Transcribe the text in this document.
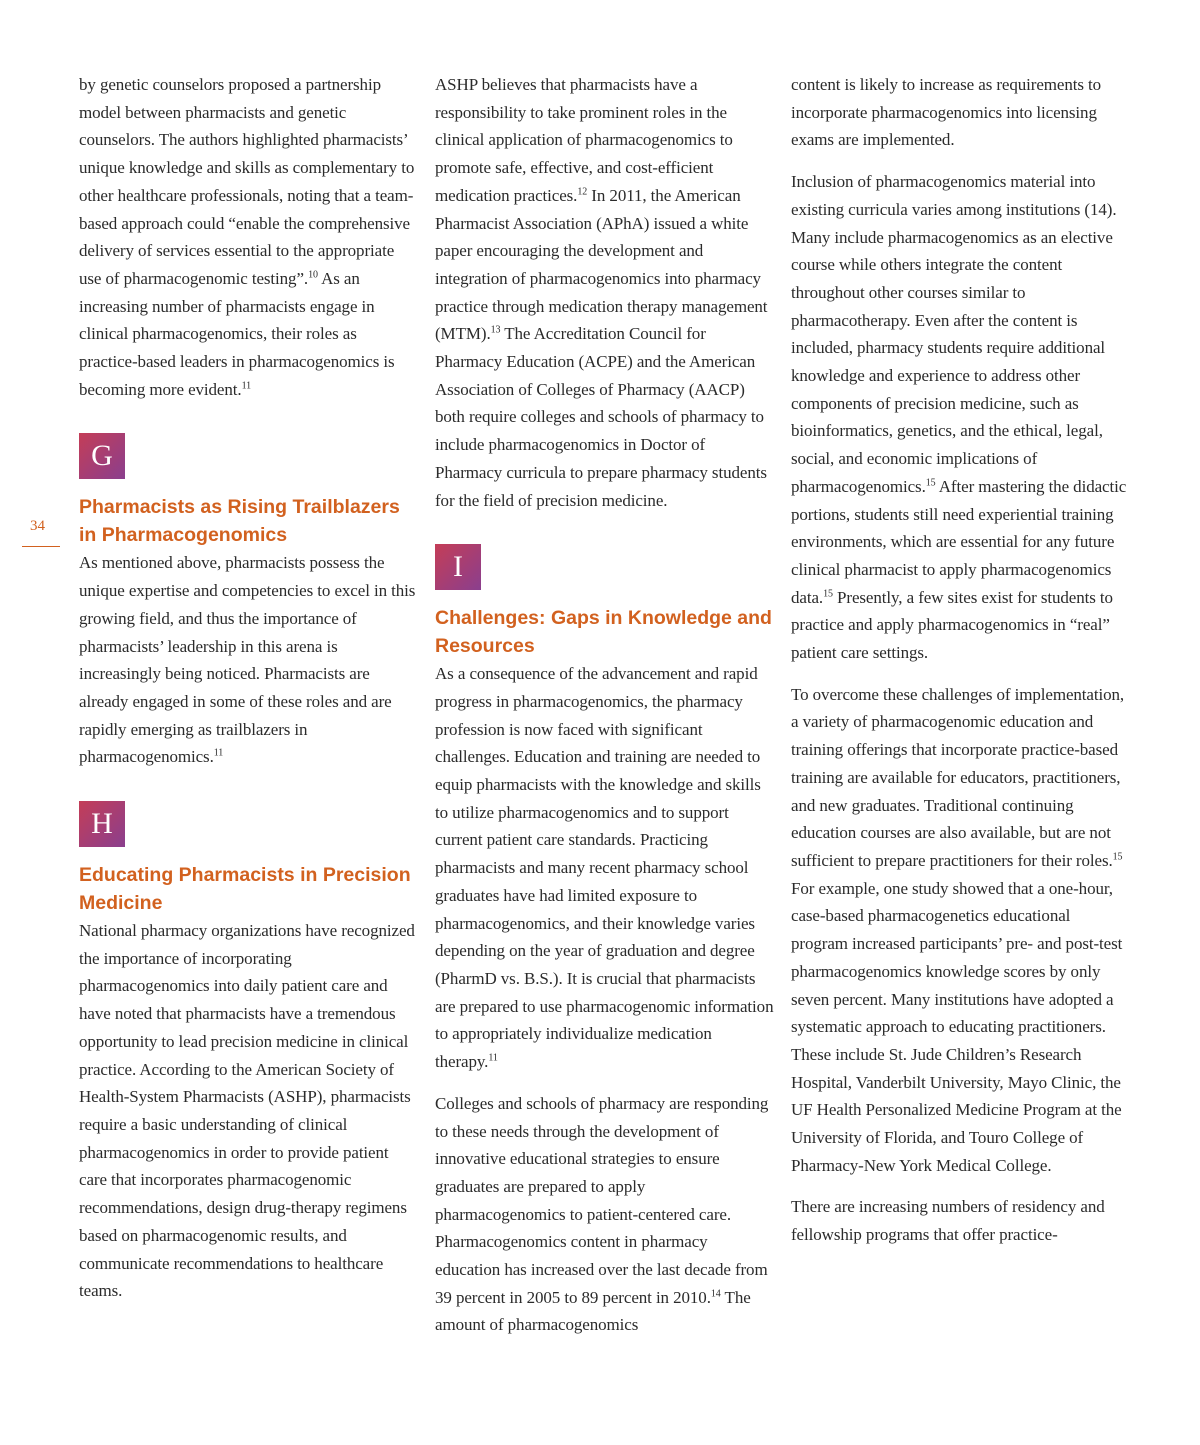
34

by genetic counselors proposed a partnership model between pharmacists and genetic counselors. The authors highlighted pharmacists’ unique knowledge and skills as complementary to other healthcare professionals, noting that a team-based approach could “enable the comprehensive delivery of services essential to the appropriate use of pharmacogenomic testing”.$^{10}$ As an increasing number of pharmacists engage in clinical pharmacogenomics, their roles as practice-based leaders in pharmacogenomics is becoming more evident.$^{11}$

G
Pharmacists as Rising Trailblazers in Pharmacogenomics

As mentioned above, pharmacists possess the unique expertise and competencies to excel in this growing field, and thus the importance of pharmacists’ leadership in this arena is increasingly being noticed. Pharmacists are already engaged in some of these roles and are rapidly emerging as trailblazers in pharmacogenomics.$^{11}$

H
Educating Pharmacists in Precision Medicine

National pharmacy organizations have recognized the importance of incorporating pharmacogenomics into daily patient care and have noted that pharmacists have a tremendous opportunity to lead precision medicine in clinical practice. According to the American Society of Health-System Pharmacists (ASHP), pharmacists require a basic understanding of clinical pharmacogenomics in order to provide patient care that incorporates pharmacogenomic recommendations, design drug-therapy regimens based on pharmacogenomic results, and communicate recommendations to healthcare teams.

ASHP believes that pharmacists have a responsibility to take prominent roles in the clinical application of pharmacogenomics to promote safe, effective, and cost-efficient medication practices.$^{12}$ In 2011, the American Pharmacist Association (APhA) issued a white paper encouraging the development and integration of pharmacogenomics into pharmacy practice through medication therapy management (MTM).$^{13}$ The Accreditation Council for Pharmacy Education (ACPE) and the American Association of Colleges of Pharmacy (AACP) both require colleges and schools of pharmacy to include pharmacogenomics in Doctor of Pharmacy curricula to prepare pharmacy students for the field of precision medicine.

I
Challenges: Gaps in Knowledge and Resources

As a consequence of the advancement and rapid progress in pharmacogenomics, the pharmacy profession is now faced with significant challenges. Education and training are needed to equip pharmacists with the knowledge and skills to utilize pharmacogenomics and to support current patient care standards. Practicing pharmacists and many recent pharmacy school graduates have had limited exposure to pharmacogenomics, and their knowledge varies depending on the year of graduation and degree (PharmD vs. B.S.). It is crucial that pharmacists are prepared to use pharmacogenomic information to appropriately individualize medication therapy.$^{11}$

Colleges and schools of pharmacy are responding to these needs through the development of innovative educational strategies to ensure graduates are prepared to apply pharmacogenomics to patient-centered care. Pharmacogenomics content in pharmacy education has increased over the last decade from 39 percent in 2005 to 89 percent in 2010.14 The amount of pharmacogenomics

content is likely to increase as requirements to incorporate pharmacogenomics into licensing exams are implemented.

Inclusion of pharmacogenomics material into existing curricula varies among institutions (14). Many include pharmacogenomics as an elective course while others integrate the content throughout other courses similar to pharmacotherapy. Even after the content is included, pharmacy students require additional knowledge and experience to address other components of precision medicine, such as bioinformatics, genetics, and the ethical, legal, social, and economic implications of pharmacogenomics.$^{15}$ After mastering the didactic portions, students still need experiential training environments, which are essential for any future clinical pharmacist to apply pharmacogenomics data.$^{15}$ Presently, a few sites exist for students to practice and apply pharmacogenomics in “real” patient care settings.

To overcome these challenges of implementation, a variety of pharmacogenomic education and training offerings that incorporate practice-based training are available for educators, practitioners, and new graduates. Traditional continuing education courses are also available, but are not sufficient to prepare practitioners for their roles.$^{15}$ For example, one study showed that a one-hour, case-based pharmacogenetics educational program increased participants’ pre- and post-test pharmacogenomics knowledge scores by only seven percent. Many institutions have adopted a systematic approach to educating practitioners. These include St. Jude Children’s Research Hospital, Vanderbilt University, Mayo Clinic, the UF Health Personalized Medicine Program at the University of Florida, and Touro College of Pharmacy-New York Medical College.

There are increasing numbers of residency and fellowship programs that offer practice-
